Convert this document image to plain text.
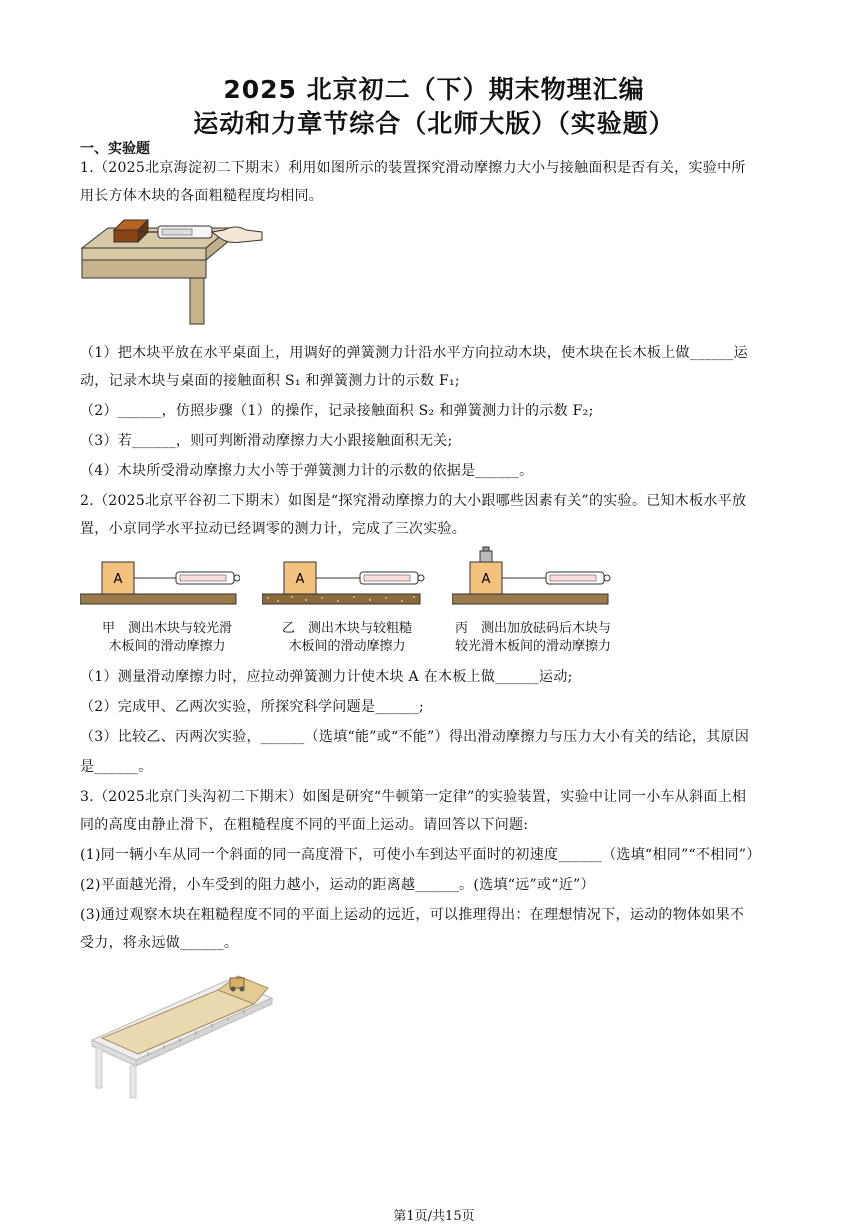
2025 北京初二（下）期末物理汇编
运动和力章节综合（北师大版）（实验题）
一、实验题
1.（2025北京海淀初二下期末）利用如图所示的装置探究滑动摩擦力大小与接触面积是否有关，实验中所
用长方体木块的各面粗糙程度均相同。
（1）把木块平放在水平桌面上，用调好的弹簧测力计沿水平方向拉动木块，使木块在长木板上做______运
动，记录木块与桌面的接触面积 S₁ 和弹簧测力计的示数 F₁;
（2）______，仿照步骤（1）的操作，记录接触面积 S₂ 和弹簧测力计的示数 F₂;
（3）若______，则可判断滑动摩擦力大小跟接触面积无关;
（4）木块所受滑动摩擦力大小等于弹簧测力计的示数的依据是______。
2.（2025北京平谷初二下期末）如图是“探究滑动摩擦力的大小跟哪些因素有关”的实验。已知木板水平放
置，小京同学水平拉动已经调零的测力计，完成了三次实验。
A	A	A
甲　测出木块与较光滑
木板间的滑动摩擦力
乙　测出木块与较粗糙
木板间的滑动摩擦力
丙　测出加放砝码后木块与
较光滑木板间的滑动摩擦力
（1）测量滑动摩擦力时，应拉动弹簧测力计使木块 A 在木板上做______运动;
（2）完成甲、乙两次实验，所探究科学问题是______;
（3）比较乙、丙两次实验，______（选填“能”或“不能”）得出滑动摩擦力与压力大小有关的结论，其原因
是______。
3.（2025北京门头沟初二下期末）如图是研究“牛顿第一定律”的实验装置，实验中让同一小车从斜面上相
同的高度由静止滑下，在粗糙程度不同的平面上运动。请回答以下问题:
(1)同一辆小车从同一个斜面的同一高度滑下，可使小车到达平面时的初速度______（选填“相同”“不相同”）
(2)平面越光滑，小车受到的阻力越小，运动的距离越______。(选填“远”或“近”）
(3)通过观察木块在粗糙程度不同的平面上运动的远近，可以推理得出：在理想情况下，运动的物体如果不
受力，将永远做______。
第1页/共15页
